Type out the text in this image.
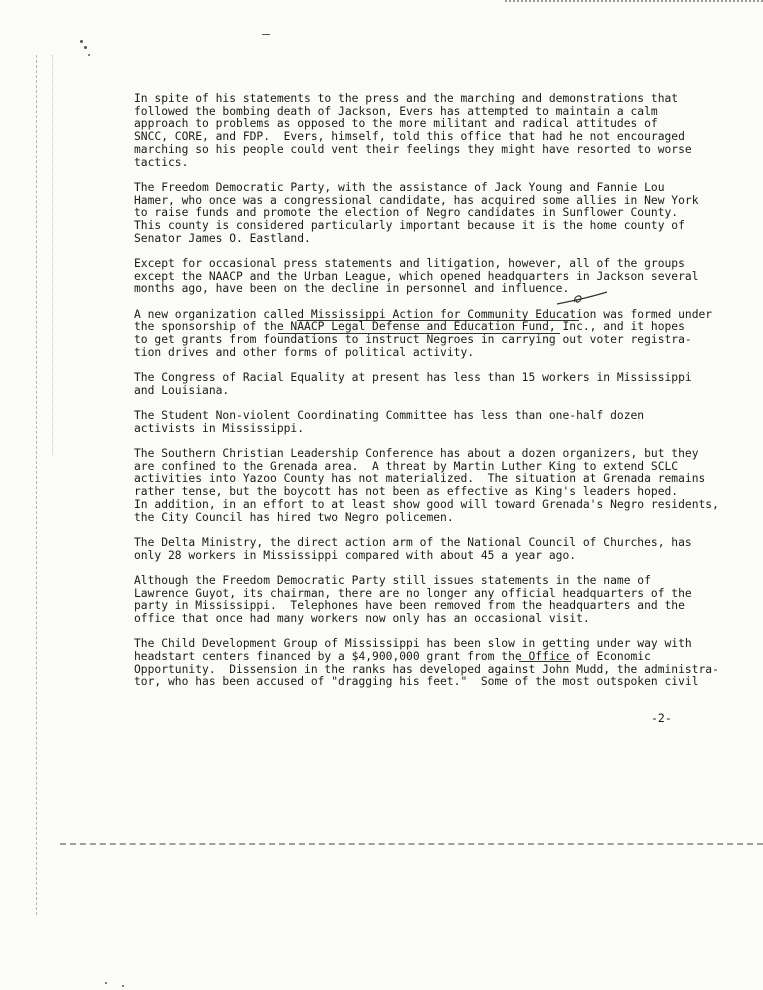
In spite of his statements to the press and the marching and demonstrations that
followed the bombing death of Jackson, Evers has attempted to maintain a calm
approach to problems as opposed to the more militant and radical attitudes of
SNCC, CORE, and FDP.  Evers, himself, told this office that had he not encouraged
marching so his people could vent their feelings they might have resorted to worse
tactics.

The Freedom Democratic Party, with the assistance of Jack Young and Fannie Lou
Hamer, who once was a congressional candidate, has acquired some allies in New York
to raise funds and promote the election of Negro candidates in Sunflower County.
This county is considered particularly important because it is the home county of
Senator James O. Eastland.

Except for occasional press statements and litigation, however, all of the groups
except the NAACP and the Urban League, which opened headquarters in Jackson several
months ago, have been on the decline in personnel and influence.

A new organization called Mississippi Action for Community Education was formed under
the sponsorship of the NAACP Legal Defense and Education Fund, Inc., and it hopes
to get grants from foundations to instruct Negroes in carrying out voter registra-
tion drives and other forms of political activity.

The Congress of Racial Equality at present has less than 15 workers in Mississippi
and Louisiana.

The Student Non-violent Coordinating Committee has less than one-half dozen
activists in Mississippi.

The Southern Christian Leadership Conference has about a dozen organizers, but they
are confined to the Grenada area.  A threat by Martin Luther King to extend SCLC
activities into Yazoo County has not materialized.  The situation at Grenada remains
rather tense, but the boycott has not been as effective as King's leaders hoped.
In addition, in an effort to at least show good will toward Grenada's Negro residents,
the City Council has hired two Negro policemen.

The Delta Ministry, the direct action arm of the National Council of Churches, has
only 28 workers in Mississippi compared with about 45 a year ago.

Although the Freedom Democratic Party still issues statements in the name of
Lawrence Guyot, its chairman, there are no longer any official headquarters of the
party in Mississippi.  Telephones have been removed from the headquarters and the
office that once had many workers now only has an occasional visit.

The Child Development Group of Mississippi has been slow in getting under way with
headstart centers financed by a $4,900,000 grant from the Office of Economic
Opportunity.  Dissension in the ranks has developed against John Mudd, the administra-
tor, who has been accused of "dragging his feet."  Some of the most outspoken civil

-2-
